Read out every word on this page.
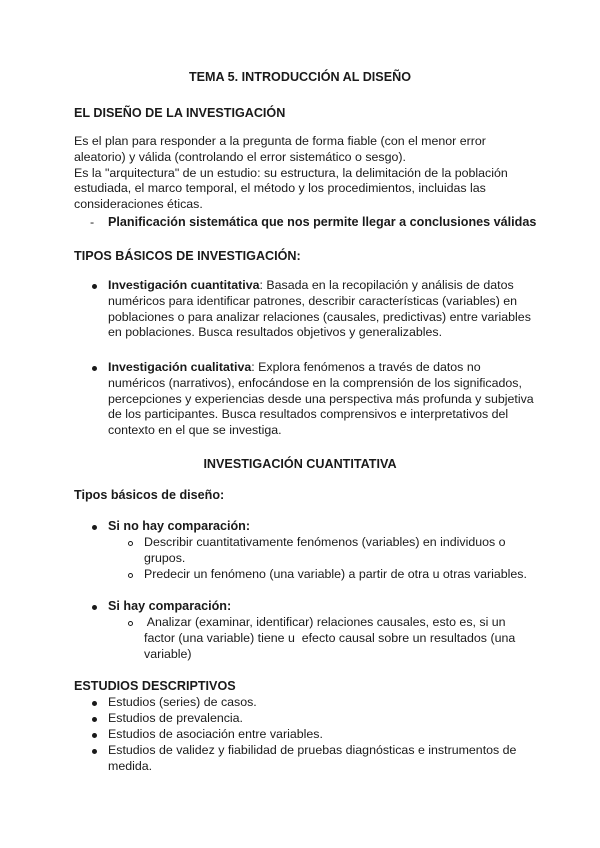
TEMA 5. INTRODUCCIÓN AL DISEÑO
EL DISEÑO DE LA INVESTIGACIÓN
Es el plan para responder a la pregunta de forma fiable (con el menor error
aleatorio) y válida (controlando el error sistemático o sesgo).
Es la "arquitectura" de un estudio: su estructura, la delimitación de la población
estudiada, el marco temporal, el método y los procedimientos, incluidas las
consideraciones éticas.
- Planificación sistemática que nos permite llegar a conclusiones válidas
TIPOS BÁSICOS DE INVESTIGACIÓN:
Investigación cuantitativa: Basada en la recopilación y análisis de datos
numéricos para identificar patrones, describir características (variables) en
poblaciones o para analizar relaciones (causales, predictivas) entre variables
en poblaciones. Busca resultados objetivos y generalizables.
Investigación cualitativa: Explora fenómenos a través de datos no
numéricos (narrativos), enfocándose en la comprensión de los significados,
percepciones y experiencias desde una perspectiva más profunda y subjetiva
de los participantes. Busca resultados comprensivos e interpretativos del
contexto en el que se investiga.
INVESTIGACIÓN CUANTITATIVA
Tipos básicos de diseño:
Si no hay comparación:
Describir cuantitativamente fenómenos (variables) en individuos o
grupos.
Predecir un fenómeno (una variable) a partir de otra u otras variables.
Si hay comparación:
Analizar (examinar, identificar) relaciones causales, esto es, si un
factor (una variable) tiene u  efecto causal sobre un resultados (una
variable)
ESTUDIOS DESCRIPTIVOS
Estudios (series) de casos.
Estudios de prevalencia.
Estudios de asociación entre variables.
Estudios de validez y fiabilidad de pruebas diagnósticas e instrumentos de
medida.
